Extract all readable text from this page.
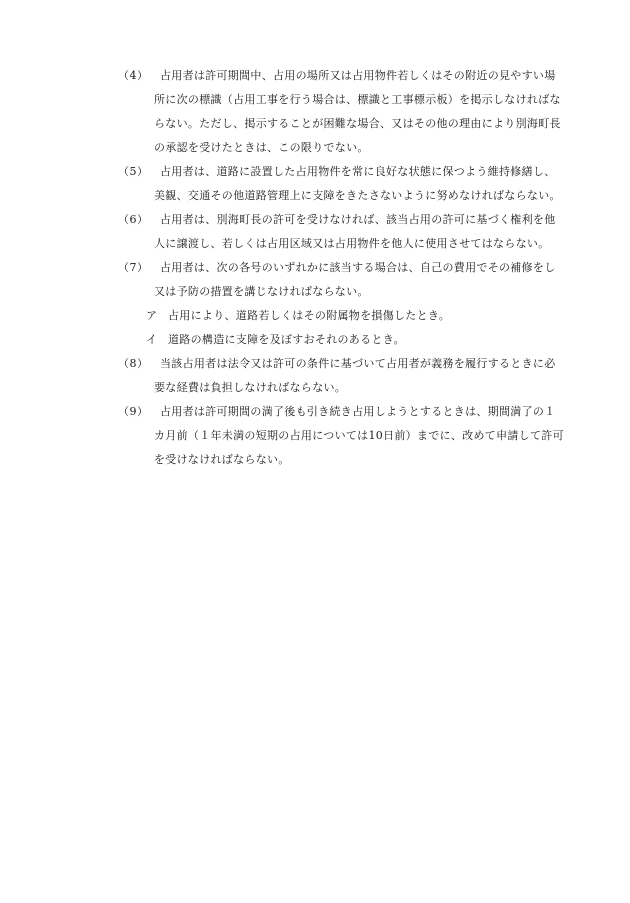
（4）	占用者は許可期間中、占用の場所又は占用物件若しくはその附近の見やすい場
所に次の標識（占用工事を行う場合は、標識と工事標示板）を掲示しなければな
らない。ただし、掲示することが困難な場合、又はその他の理由により別海町長
の承認を受けたときは、この限りでない。
（5）	占用者は、道路に設置した占用物件を常に良好な状態に保つよう維持修繕し、
美観、交通その他道路管理上に支障をきたさないように努めなければならない。
（6）	占用者は、別海町長の許可を受けなければ、該当占用の許可に基づく権利を他
人に譲渡し、若しくは占用区域又は占用物件を他人に使用させてはならない。
（7）	占用者は、次の各号のいずれかに該当する場合は、自己の費用でその補修をし
又は予防の措置を講じなければならない。
ア	占用により、道路若しくはその附属物を損傷したとき。
イ	道路の構造に支障を及ぼすおそれのあるとき。
（8）	当該占用者は法令又は許可の条件に基づいて占用者が義務を履行するときに必
要な経費は負担しなければならない。
（9）	占用者は許可期間の満了後も引き続き占用しようとするときは、期間満了の１
カ月前（１年未満の短期の占用については10日前）までに、改めて申請して許可
を受けなければならない。
